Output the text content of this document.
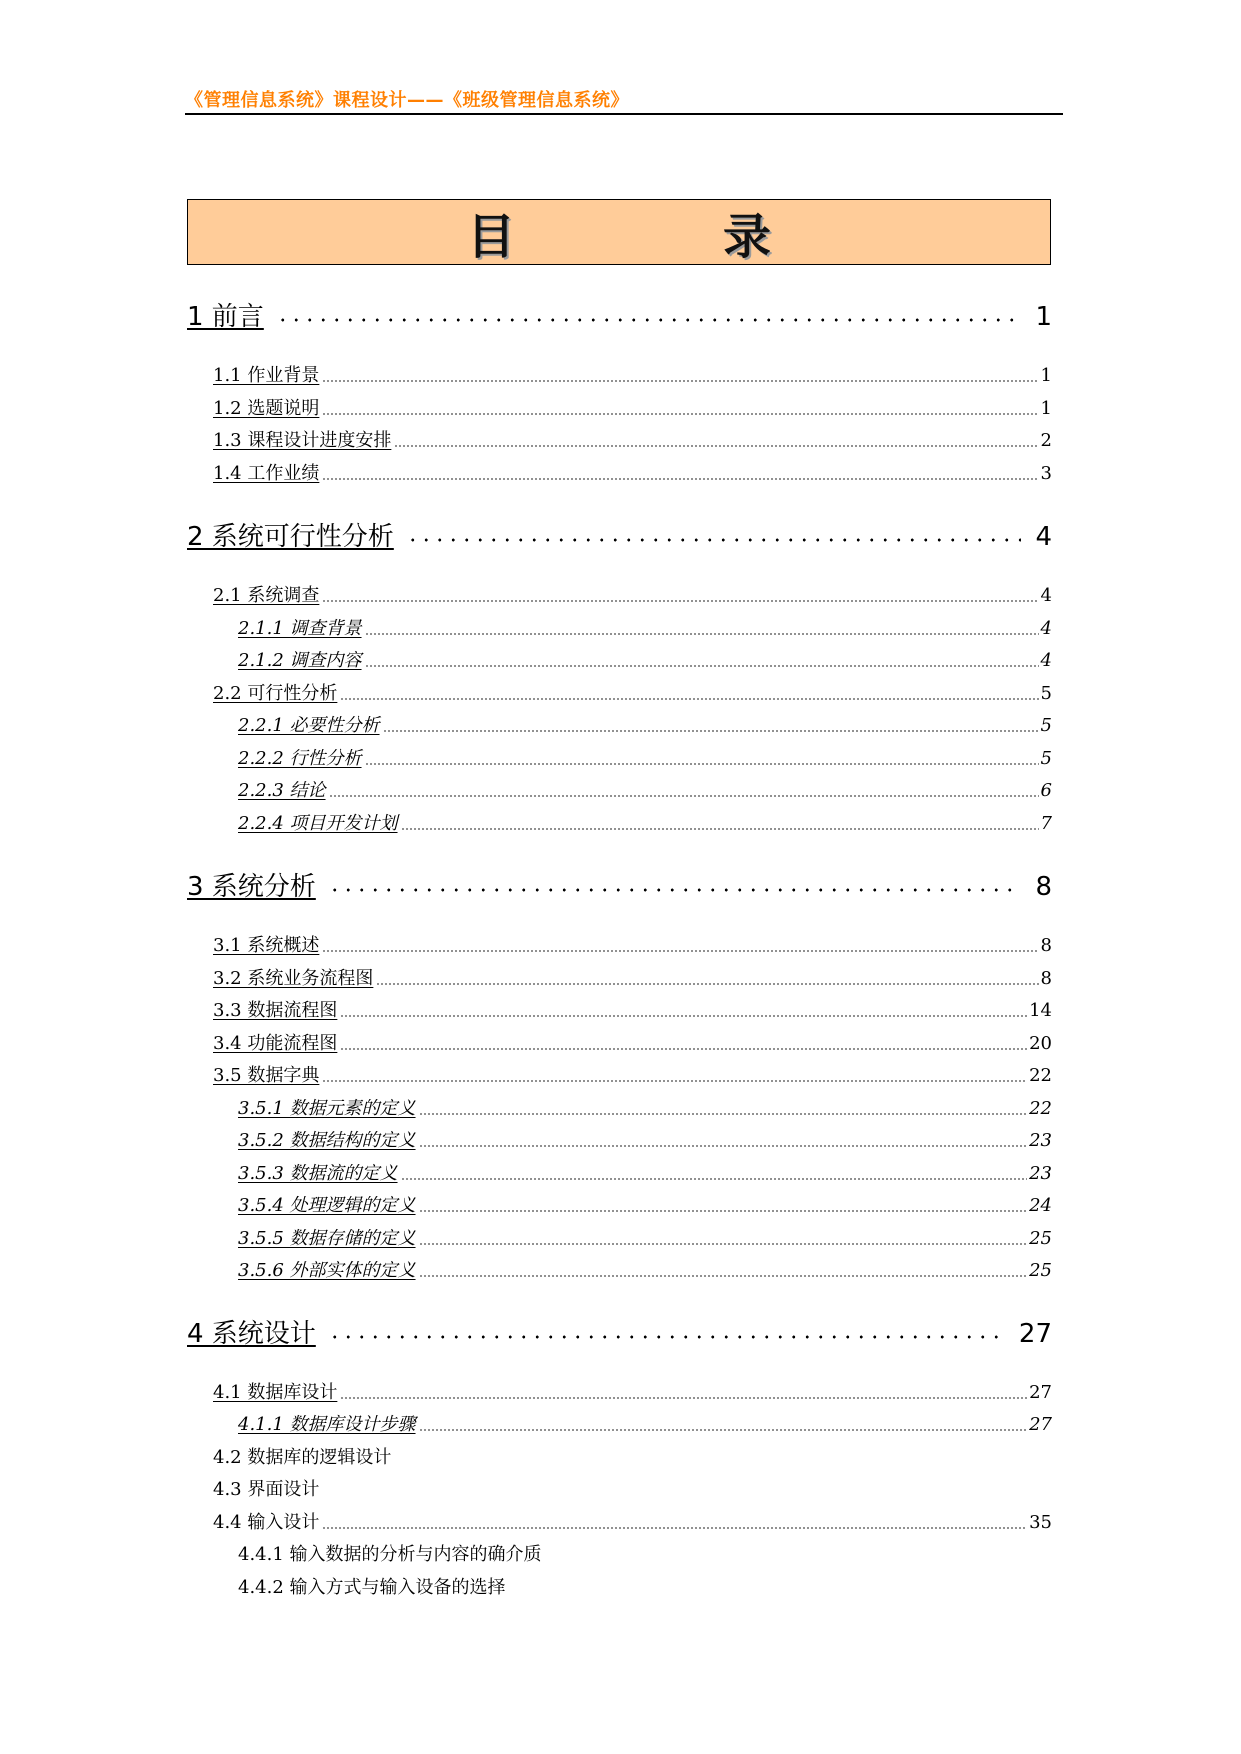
《管理信息系统》课程设计——《班级管理信息系统》
目　录
1 前言	1
1.1 作业背景	1
1.2 选题说明	1
1.3 课程设计进度安排	2
1.4 工作业绩	3
2 系统可行性分析	4
2.1 系统调查	4
2.1.1 调查背景	4
2.1.2 调查内容	4
2.2 可行性分析	5
2.2.1 必要性分析	5
2.2.2 行性分析	5
2.2.3 结论	6
2.2.4 项目开发计划	7
3 系统分析	8
3.1 系统概述	8
3.2 系统业务流程图	8
3.3 数据流程图	14
3.4 功能流程图	20
3.5 数据字典	22
3.5.1 数据元素的定义	22
3.5.2 数据结构的定义	23
3.5.3 数据流的定义	23
3.5.4 处理逻辑的定义	24
3.5.5 数据存储的定义	25
3.5.6 外部实体的定义	25
4 系统设计	27
4.1 数据库设计	27
4.1.1 数据库设计步骤	27
4.2 数据库的逻辑设计
4.3 界面设计
4.4 输入设计	35
4.4.1 输入数据的分析与内容的确介质
4.4.2 输入方式与输入设备的选择
